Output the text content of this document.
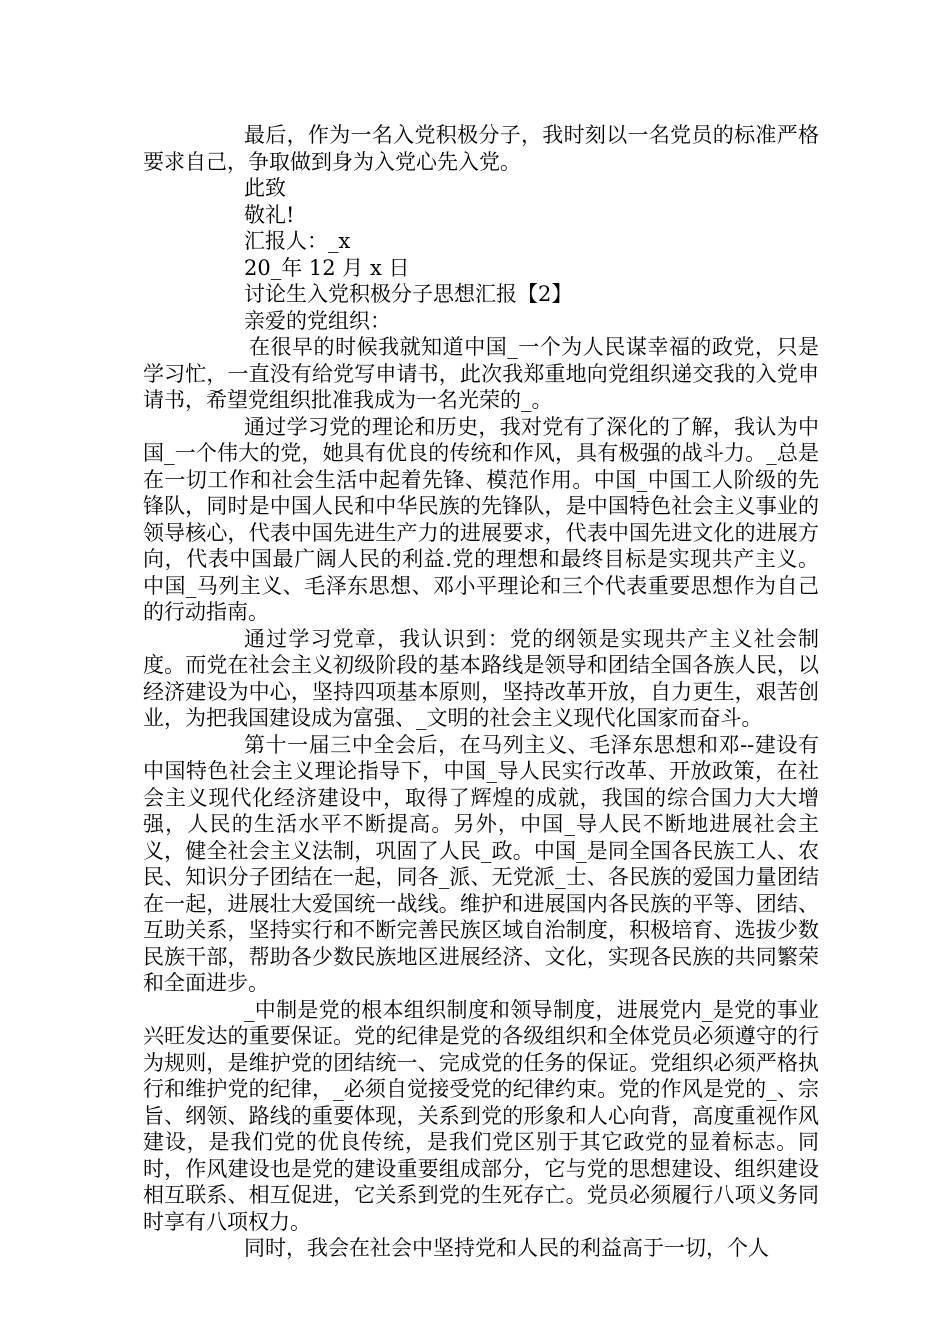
最后，作为一名入党积极分子，我时刻以一名党员的标准严格要求自己，争取做到身为入党心先入党。

此致

敬礼!

汇报人：_x

20_年 12 月 x 日

讨论生入党积极分子思想汇报【2】

亲爱的党组织：

在很早的时候我就知道中国_一个为人民谋幸福的政党，只是学习忙，一直没有给党写申请书，此次我郑重地向党组织递交我的入党申请书，希望党组织批准我成为一名光荣的_。

通过学习党的理论和历史，我对党有了深化的了解，我认为中国_一个伟大的党，她具有优良的传统和作风，具有极强的战斗力。_总是在一切工作和社会生活中起着先锋、模范作用。中国_中国工人阶级的先锋队，同时是中国人民和中华民族的先锋队，是中国特色社会主义事业的领导核心，代表中国先进生产力的进展要求，代表中国先进文化的进展方向，代表中国最广阔人民的利益.党的理想和最终目标是实现共产主义。中国_马列主义、毛泽东思想、邓小平理论和三个代表重要思想作为自己的行动指南。

通过学习党章，我认识到：党的纲领是实现共产主义社会制度。而党在社会主义初级阶段的基本路线是领导和团结全国各族人民，以经济建设为中心，坚持四项基本原则，坚持改革开放，自力更生，艰苦创业，为把我国建设成为富强、_文明的社会主义现代化国家而奋斗。

第十一届三中全会后，在马列主义、毛泽东思想和邓--建设有中国特色社会主义理论指导下，中国_导人民实行改革、开放政策，在社会主义现代化经济建设中，取得了辉煌的成就，我国的综合国力大大增强，人民的生活水平不断提高。另外，中国_导人民不断地进展社会主义，健全社会主义法制，巩固了人民_政。中国_是同全国各民族工人、农民、知识分子团结在一起，同各_派、无党派_士、各民族的爱国力量团结在一起，进展壮大爱国统一战线。维护和进展国内各民族的平等、团结、互助关系，坚持实行和不断完善民族区域自治制度，积极培育、选拔少数民族干部，帮助各少数民族地区进展经济、文化，实现各民族的共同繁荣和全面进步。

_中制是党的根本组织制度和领导制度，进展党内_是党的事业兴旺发达的重要保证。党的纪律是党的各级组织和全体党员必须遵守的行为规则，是维护党的团结统一、完成党的任务的保证。党组织必须严格执行和维护党的纪律，_必须自觉接受党的纪律约束。党的作风是党的_、宗旨、纲领、路线的重要体现，关系到党的形象和人心向背，高度重视作风建设，是我们党的优良传统，是我们党区别于其它政党的显着标志。同时，作风建设也是党的建设重要组成部分，它与党的思想建设、组织建设相互联系、相互促进，它关系到党的生死存亡。党员必须履行八项义务同时享有八项权力。

同时，我会在社会中坚持党和人民的利益高于一切，个人
